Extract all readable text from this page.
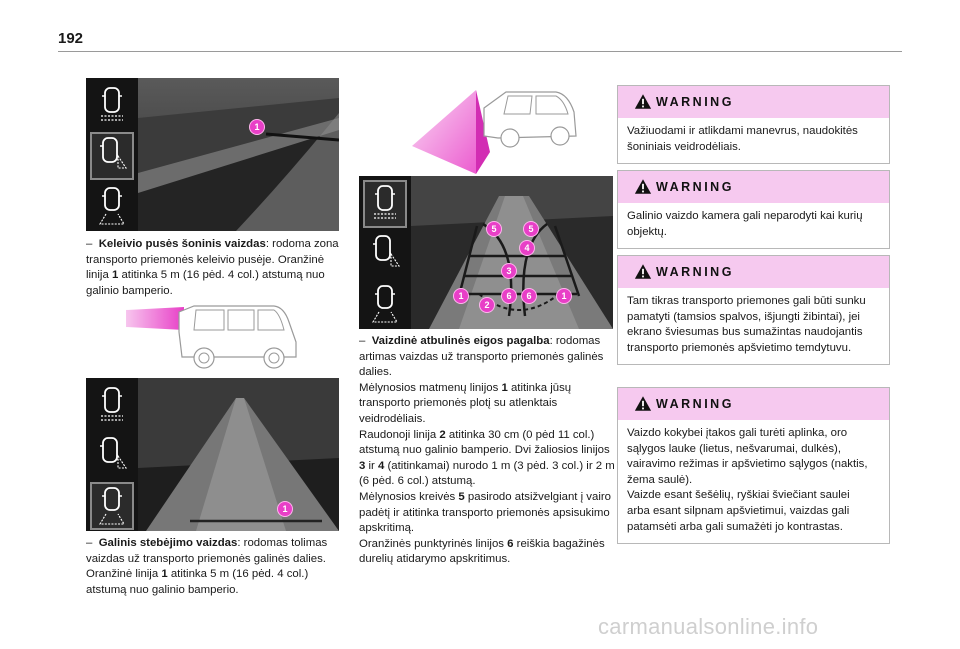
192
1

– Keleivio pusės šoninis vaizdas: rodoma zona transporto priemonės keleivio pusėje. Oranžinė linija 1 atitinka 5 m (16 pėd. 4 col.) atstumą nuo galinio bamperio.

1

– Galinis stebėjimo vaizdas: rodomas tolimas vaizdas už transporto priemonės galinės dalies. Oranžinė linija 1 atitinka 5 m (16 pėd. 4 col.) atstumą nuo galinio bamperio.

5	5
4
3
1
2
6	6	1

– Vaizdinė atbulinės eigos pagalba: rodomas artimas vaizdas už transporto priemonės galinės dalies.

Mėlynosios matmenų linijos 1 atitinka jūsų transporto priemonės plotį su atlenktais veidrodėliais.

Raudonoji linija 2 atitinka 30 cm (0 pėd 11 col.) atstumą nuo galinio bamperio. Dvi žaliosios linijos 3 ir 4 (atitinkamai) nurodo 1 m (3 pėd. 3 col.) ir 2 m (6 pėd. 6 col.) atstumą.

Mėlynosios kreivės 5 pasirodo atsižvelgiant į vairo padėtį ir atitinka transporto priemonės apsisukimo apskritimą.

Oranžinės punktyrinės linijos 6 reiškia bagažinės durelių atidarymo apskritimus.

WARNING
Važiuodami ir atlikdami manevrus, naudokitės šoniniais veidrodėliais.
WARNING
Galinio vaizdo kamera gali neparodyti kai kurių objektų.
WARNING
Tam tikras transporto priemones gali būti sunku pamatyti (tamsios spalvos, išjungti žibintai), jei ekrano šviesumas bus sumažintas naudojantis transporto priemonės apšvietimo temdytuvu.
WARNING
Vaizdo kokybei įtakos gali turėti aplinka, oro sąlygos lauke (lietus, nešvarumai, dulkės), vairavimo režimas ir apšvietimo sąlygos (naktis, žema saulė).
Vaizde esant šešėlių, ryškiai šviečiant saulei arba esant silpnam apšvietimui, vaizdas gali patamsėti arba gali sumažėti jo kontrastas.
carmanualsonline.info
